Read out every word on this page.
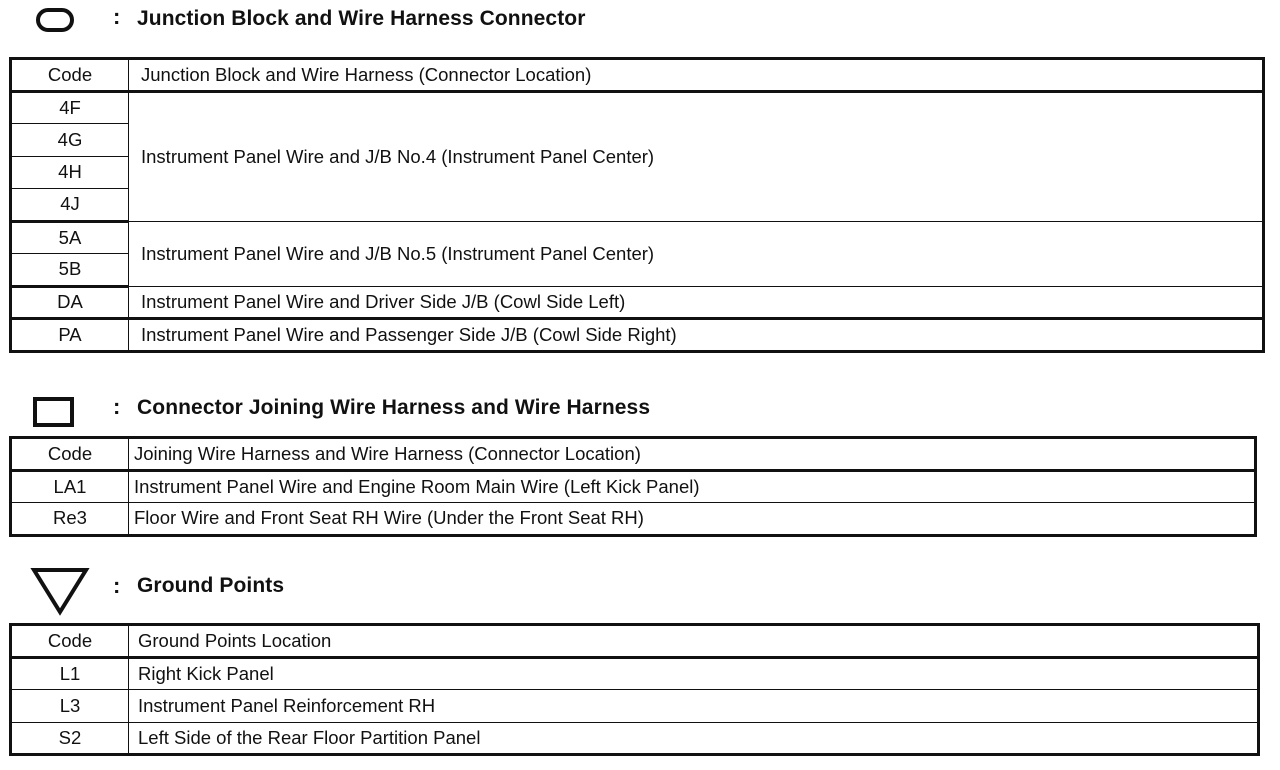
: Junction Block and Wire Harness Connector
Code	Junction Block and Wire Harness (Connector Location)
4F	Instrument Panel Wire and J/B No.4 (Instrument Panel Center)
4G	
4H	
4J	
5A	Instrument Panel Wire and J/B No.5 (Instrument Panel Center)
5B	
DA	Instrument Panel Wire and Driver Side J/B (Cowl Side Left)
PA	Instrument Panel Wire and Passenger Side J/B (Cowl Side Right)
: Connector Joining Wire Harness and Wire Harness
Code	Joining Wire Harness and Wire Harness (Connector Location)
LA1	Instrument Panel Wire and Engine Room Main Wire (Left Kick Panel)
Re3	Floor Wire and Front Seat RH Wire (Under the Front Seat RH)
: Ground Points
Code	Ground Points Location
L1	Right Kick Panel
L3	Instrument Panel Reinforcement RH
S2	Left Side of the Rear Floor Partition Panel
